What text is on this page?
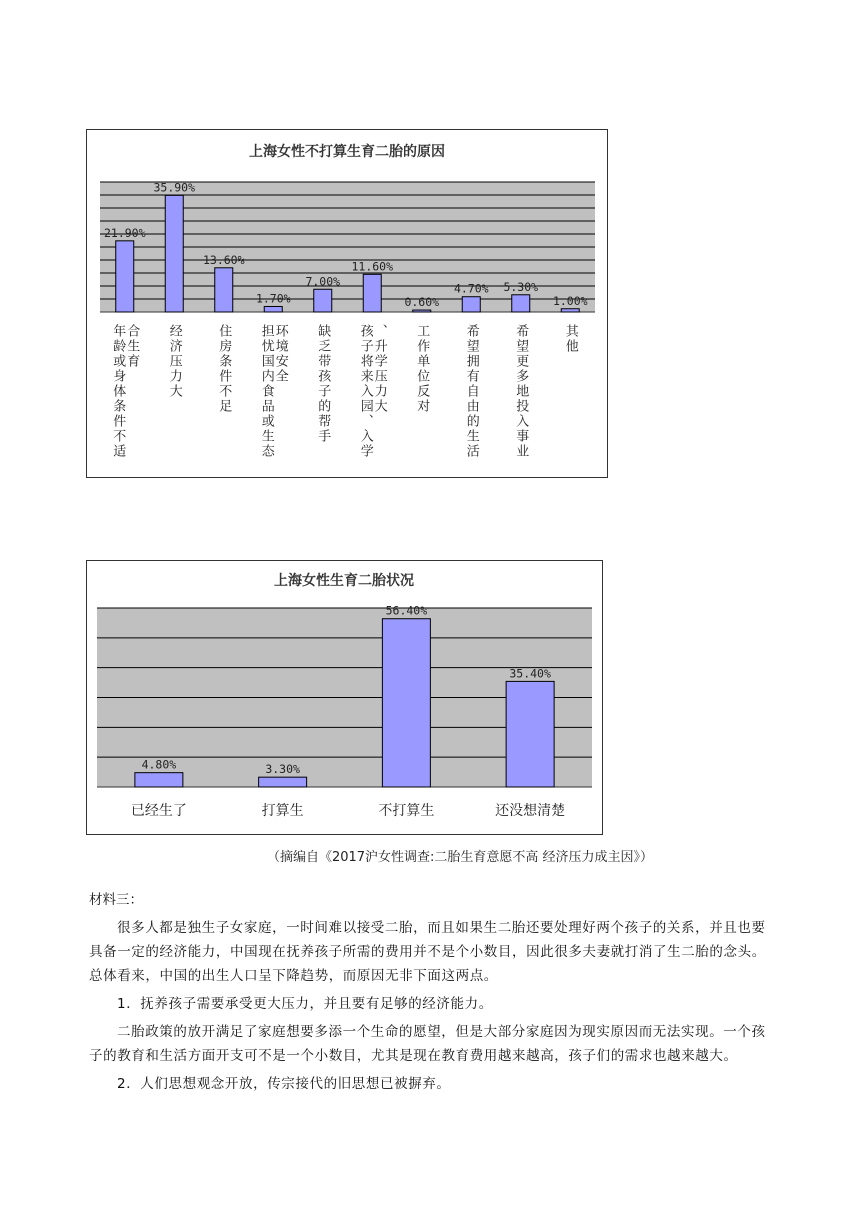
上海女性不打算生育二胎的原因
21.90%
年龄或身体条件不适 合生育
35.90%
经济压力大
13.60%
住房条件不足
1.70%
担忧国内食品或生态 环境安全
7.00%
缺乏带孩子的帮手
11.60%
孩子将来入园、入学 、升学压力大
0.60%
工作单位反对
4.70%
希望拥有自由的生活
5.30%
希望更多地投入事业
1.00%
其他
上海女性生育二胎状况
4.80%
已经生了
3.30%
打算生
56.40%
不打算生
35.40%
还没想清楚
（摘编自《2017沪女性调查:二胎生育意愿不高 经济压力成主因》）
材料三：

很多人都是独生子女家庭，一时间难以接受二胎，而且如果生二胎还要处理好两个孩子的关系，并且也要具备一定的经济能力，中国现在抚养孩子所需的费用并不是个小数目，因此很多夫妻就打消了生二胎的念头。总体看来，中国的出生人口呈下降趋势，而原因无非下面这两点。

1．抚养孩子需要承受更大压力，并且要有足够的经济能力。

二胎政策的放开满足了家庭想要多添一个生命的愿望，但是大部分家庭因为现实原因而无法实现。一个孩子的教育和生活方面开支可不是一个小数目，尤其是现在教育费用越来越高，孩子们的需求也越来越大。

2．人们思想观念开放，传宗接代的旧思想已被摒弃。
